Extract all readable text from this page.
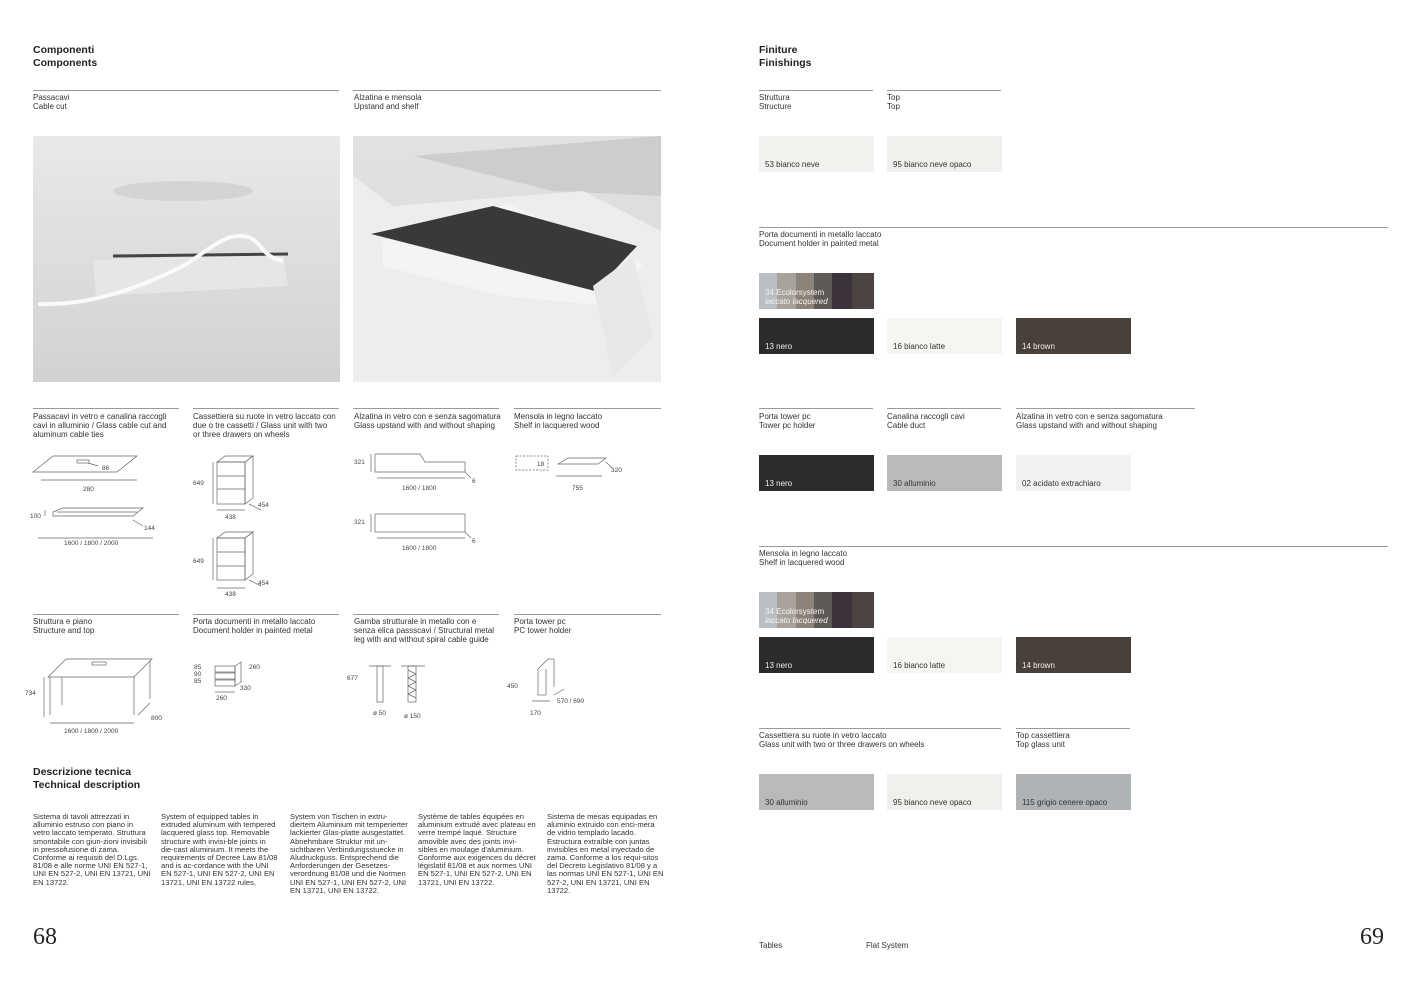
Componenti
Components
Passacavi
Cable cut
Alzatina e mensola
Upstand and shelf
Passacavi in vetro e canalina raccogli
cavi in alluminio / Glass cable cut and
aluminum cable ties
Cassettiera su ruote in vetro laccato con
due o tre cassetti / Glass unit with two
or three drawers on wheels
Alzatina in vetro con e senza sagomatura
Glass upstand with and without shaping
Mensola in legno laccato
Shelf in lacquered wood
86
280
100
144
1600 / 1800 / 2000
649
438
454
649
438
454
321
6
1600 / 1800
321
6
1600 / 1800
18
320
755
Struttura e piano
Structure and top
Porta documenti in metallo laccato
Document holder in painted metal
Gamba strutturale in metallo con e
senza elica passscavi / Structural metal
leg with and without spiral cable guide
Porta tower pc
PC tower holder
734
800
1600 / 1800 / 2000
85
90
85
260
330
260
677
ø 50	ø 150
450
570 / 690
170
Descrizione tecnica
Technical description
Sistema di tavoli attrezzati in alluminio estruso con piano in vetro laccato temperato. Struttura smontabile con giun-zioni invisibili in pressofusione di zama. Conforme ai requisiti del D.Lgs. 81/08 e alle norme UNI EN 527-1, UNI EN 527-2, UNI EN 13721, UNI EN 13722.
System of equipped tables in extruded aluminum with tempered lacquered glass top. Removable structure with invisi-ble joints in die-cast aluminium. It meets the requirements of Decree Law 81/08 and is ac-cordance with the UNI EN 527-1, UNI EN 527-2, UNI EN 13721, UNI EN 13722 rules.
System von Tischen in extru-diertem Aluminium mit temperierter lackierter Glas-platte ausgestattet. Abnehmbare Struktur mit un-sichtbaren Verbindungsstuecke in Aludruckguss. Entsprechend die Anforderungen der Gesetzes-verordnung 81/08 und die Normen UNI EN 527-1, UNI EN 527-2, UNI EN 13721, UNI EN 13722.
Système de tables équipées en aluminium extrudé avec plateau en verre trempé laqué. Structure amovible avec des joints invi-sibles en moulage d'aluminium. Conforme aux exigences du décret législatif 81/08 et aux normes UNI EN 527-1, UNI EN 527-2, UNI EN 13721, UNI EN 13722.
Sistema de mesas equipadas en aluminio extruido con enci-mera de vidrio templado lacado. Estructura extraíble con juntas invisibles en metal inyectado de zama. Conforme a los requi-sitos del Decreto Legislativo 81/08 y a las normas UNI EN 527-1, UNI EN 527-2, UNI EN 13721, UNI EN 13722.
68
Finiture
Finishings
Struttura
Structure
Top
Top
53 bianco neve	95 bianco neve opaco
Porta documenti in metallo laccato
Document holder in painted metal
34 Ecolorsystem
laccato lacquered
13 nero	16 bianco latte	14 brown
Porta tower pc
Tower pc holder
Canalina raccogli cavi
Cable duct
Alzatina in vetro con e senza sagomatura
Glass upstand with and without shaping
13 nero	30 alluminio	02 acidato extrachiaro
Mensola in legno laccato
Shelf in lacquered wood
34 Ecolorsystem
laccato lacquered
13 nero	16 bianco latte	14 brown
Cassettiera su ruote in vetro laccato
Glass unit with two or three drawers on wheels
Top cassettiera
Top glass unit
30 alluminio	95 bianco neve opaco	115 grigio cenere opaco
Tables	Flat System	69
